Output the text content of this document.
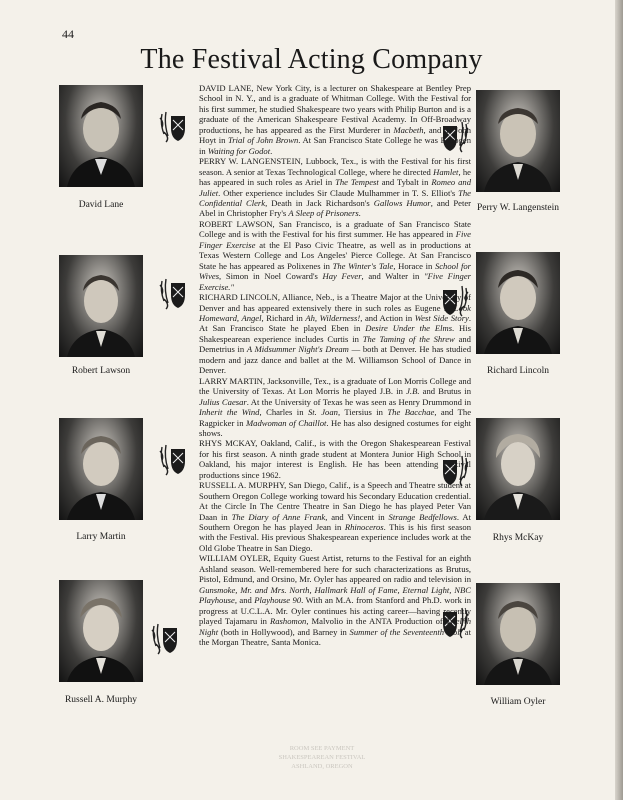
44
The Festival Acting Company
David Lane
Robert Lawson
Larry Martin
Russell A. Murphy
Perry W. Langenstein
Richard Lincoln
Rhys McKay
William Oyler

DAVID LANE, New York City, is a lecturer on Shakespeare at Bentley Prep School in N. Y., and is a graduate of Whitman College. With the Festival for his first summer, he studied Shakespeare two years with Philip Burton and is a graduate of the American Shakespeare Festival Academy. In Off-Broadway productions, he has appeared as the First Murderer in Macbeth, and as John Hoyt in Trial of John Brown. At San Francisco State College he was Estrogen in Waiting for Godot.

PERRY W. LANGENSTEIN, Lubbock, Tex., is with the Festival for his first season. A senior at Texas Technological College, where he directed Hamlet, he has appeared in such roles as Ariel in The Tempest and Tybalt in Romeo and Juliet. Other experience includes Sir Claude Mulhammer in T. S. Elliot's The Confidential Clerk, Death in Jack Richardson's Gallows Humor, and Peter Abel in Christopher Fry's A Sleep of Prisoners.

ROBERT LAWSON, San Francisco, is a graduate of San Francisco State College and is with the Festival for his first summer. He has appeared in Five Finger Exercise at the El Paso Civic Theatre, as well as in productions at Texas Western College and Los Angeles' Pierce College. At San Francisco State he has appeared as Polixenes in The Winter's Tale, Horace in School for Wives, Simon in Noel Coward's Hay Fever, and Walter in "Five Finger Exercise."

RICHARD LINCOLN, Alliance, Neb., is a Theatre Major at the University of Denver and has appeared extensively there in such roles as Eugene in Look Homeward, Angel, Richard in Ah, Wilderness!, and Action in West Side Story. At San Francisco State he played Eben in Desire Under the Elms. His Shakespearean experience includes Curtis in The Taming of the Shrew and Demetrius in A Midsummer Night's Dream — both at Denver. He has studied modern and jazz dance and ballet at the M. Williamson School of Dance in Denver.

LARRY MARTIN, Jacksonville, Tex., is a graduate of Lon Morris College and the University of Texas. At Lon Morris he played J.B. in J.B. and Brutus in Julius Caesar. At the University of Texas he was seen as Henry Drummond in Inherit the Wind, Charles in St. Joan, Tiersius in The Bacchae, and The Ragpicker in Madwoman of Chaillot. He has also designed costumes for eight shows.

RHYS MCKAY, Oakland, Calif., is with the Oregon Shakespearean Festival for his first season. A ninth grade student at Montera Junior High School in Oakland, his major interest is English. He has been attending Festival productions since 1962.

RUSSELL A. MURPHY, San Diego, Calif., is a Speech and Theatre student at Southern Oregon College working toward his Secondary Education credential. At the Circle In The Centre Theatre in San Diego he has played Peter Van Daan in The Diary of Anne Frank, and Vincent in Strange Bedfellows. At Southern Oregon he has played Jean in Rhinoceros. This is his first season with the Festival. His previous Shakespearean experience includes work at the Old Globe Theatre in San Diego.

WILLIAM OYLER, Equity Guest Artist, returns to the Festival for an eighth Ashland season. Well-remembered here for such characterizations as Brutus, Pistol, Edmund, and Orsino, Mr. Oyler has appeared on radio and television in Gunsmoke, Mr. and Mrs. North, Hallmark Hall of Fame, Eternal Light, NBC Playhouse, and Playhouse 90. With an M.A. from Stanford and Ph.D. work in progress at U.C.L.A. Mr. Oyler continues his acting career—having recently played Tajamaru in Rashomon, Malvolio in the ANTA Production of Twelfth Night (both in Hollywood), and Barney in Summer of the Seventeenth Doll at the Morgan Theatre, Santa Monica.

ROOM SEE PAYMENT
SHAKESPEAREAN FESTIVAL
ASHLAND, OREGON
